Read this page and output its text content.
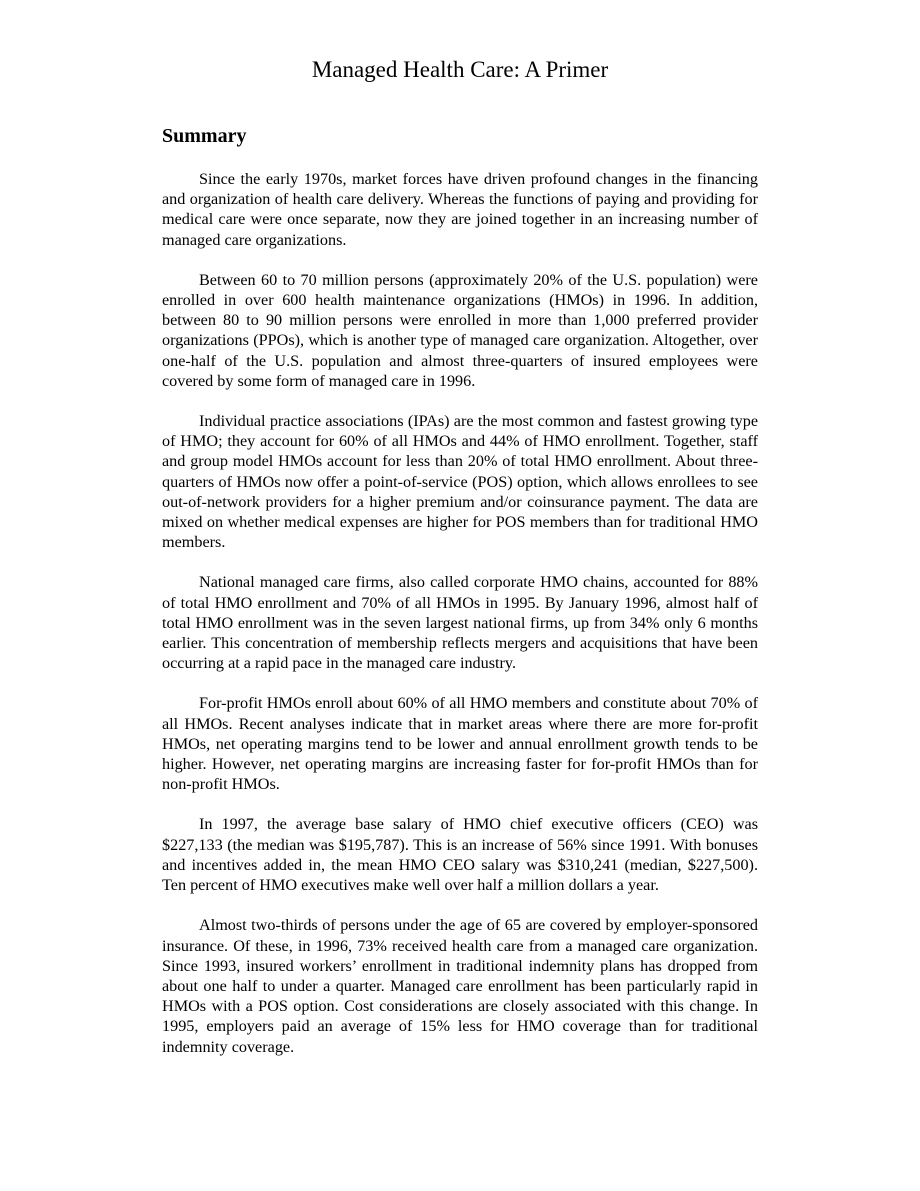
Managed Health Care: A Primer
Summary

Since the early 1970s, market forces have driven profound changes in the financing and organization of health care delivery. Whereas the functions of paying and providing for medical care were once separate, now they are joined together in an increasing number of managed care organizations.

Between 60 to 70 million persons (approximately 20% of the U.S. population) were enrolled in over 600 health maintenance organizations (HMOs) in 1996. In addition, between 80 to 90 million persons were enrolled in more than 1,000 preferred provider organizations (PPOs), which is another type of managed care organization. Altogether, over one-half of the U.S. population and almost three-quarters of insured employees were covered by some form of managed care in 1996.

Individual practice associations (IPAs) are the most common and fastest growing type of HMO; they account for 60% of all HMOs and 44% of HMO enrollment. Together, staff and group model HMOs account for less than 20% of total HMO enrollment. About three-quarters of HMOs now offer a point-of-service (POS) option, which allows enrollees to see out-of-network providers for a higher premium and/or coinsurance payment. The data are mixed on whether medical expenses are higher for POS members than for traditional HMO members.

National managed care firms, also called corporate HMO chains, accounted for 88% of total HMO enrollment and 70% of all HMOs in 1995. By January 1996, almost half of total HMO enrollment was in the seven largest national firms, up from 34% only 6 months earlier. This concentration of membership reflects mergers and acquisitions that have been occurring at a rapid pace in the managed care industry.

For-profit HMOs enroll about 60% of all HMO members and constitute about 70% of all HMOs. Recent analyses indicate that in market areas where there are more for-profit HMOs, net operating margins tend to be lower and annual enrollment growth tends to be higher. However, net operating margins are increasing faster for for-profit HMOs than for non-profit HMOs.

In 1997, the average base salary of HMO chief executive officers (CEO) was $227,133 (the median was $195,787). This is an increase of 56% since 1991. With bonuses and incentives added in, the mean HMO CEO salary was $310,241 (median, $227,500). Ten percent of HMO executives make well over half a million dollars a year.

Almost two-thirds of persons under the age of 65 are covered by employer-sponsored insurance. Of these, in 1996, 73% received health care from a managed care organization. Since 1993, insured workers’ enrollment in traditional indemnity plans has dropped from about one half to under a quarter. Managed care enrollment has been particularly rapid in HMOs with a POS option. Cost considerations are closely associated with this change. In 1995, employers paid an average of 15% less for HMO coverage than for traditional indemnity coverage.
